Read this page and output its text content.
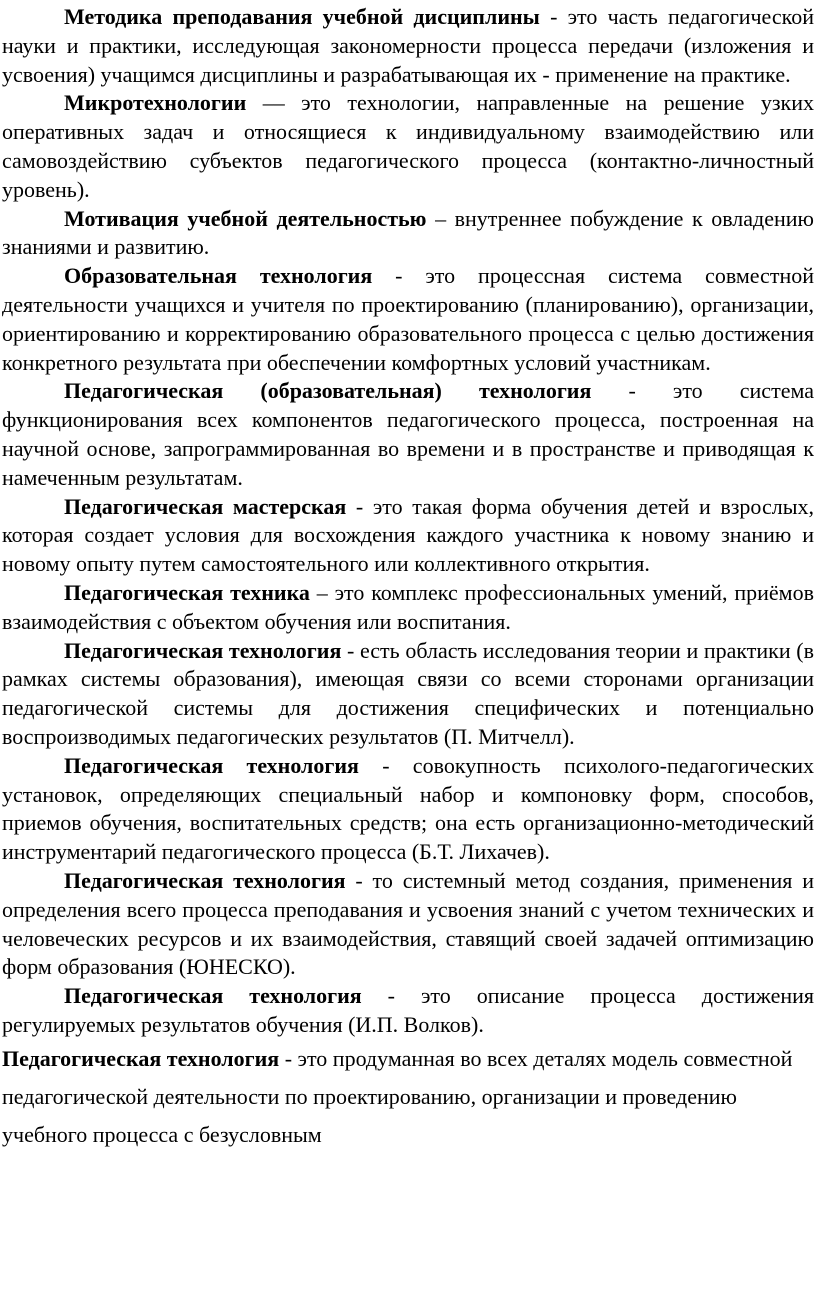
Методика преподавания учебной дисциплины - это часть педагогической науки и практики, исследующая закономерности процесса передачи (изложения и усвоения) учащимся дисциплины и разрабатывающая их - применение на практике.

Микротехнологии –– это технологии, направленные на решение узких оперативных задач и относящиеся к индивидуальному взаимодействию или самовоздействию субъектов педагогического процесса (контактно-личностный уровень).

Мотивация учебной деятельностью – внутреннее побуждение к овладению знаниями и развитию.

Образовательная технология - это процессная система совместной деятельности учащихся и учителя по проектированию (планированию), организации, ориентированию и корректированию образовательного процесса с целью достижения конкретного результата при обеспечении комфортных условий участникам.

Педагогическая (образовательная) технология - это система функционирования всех компонентов педагогического процесса, построенная на научной основе, запрограммированная во времени и в пространстве и приводящая к намеченным результатам.

Педагогическая мастерская - это такая форма обучения детей и взрослых, которая создает условия для восхождения каждого участника к новому знанию и новому опыту путем самостоятельного или коллективного открытия.

Педагогическая техника – это комплекс профессиональных умений, приёмов взаимодействия с объектом обучения или воспитания.

Педагогическая технология - есть область исследования теории и практики (в рамках системы образования), имеющая связи со всеми сторонами организации педагогической системы для достижения специфических и потенциально воспроизводимых педагогических результатов (П. Митчелл).

Педагогическая технология - совокупность психолого-педагогических установок, определяющих специальный набор и компоновку форм, способов, приемов обучения, воспитательных средств; она есть организационно-методический инструментарий педагогического процесса (Б.Т. Лихачев).

Педагогическая технология - то системный метод создания, применения и определения всего процесса преподавания и усвоения знаний с учетом технических и человеческих ресурсов и их взаимодействия, ставящий своей задачей оптимизацию форм образования (ЮНЕСКО).

Педагогическая технология - это описание процесса достижения регулируемых результатов обучения (И.П. Волков).

Педагогическая технология - это продуманная во всех деталях модель совместной педагогической деятельности по проектированию, организации и проведению учебного процесса с безусловным
